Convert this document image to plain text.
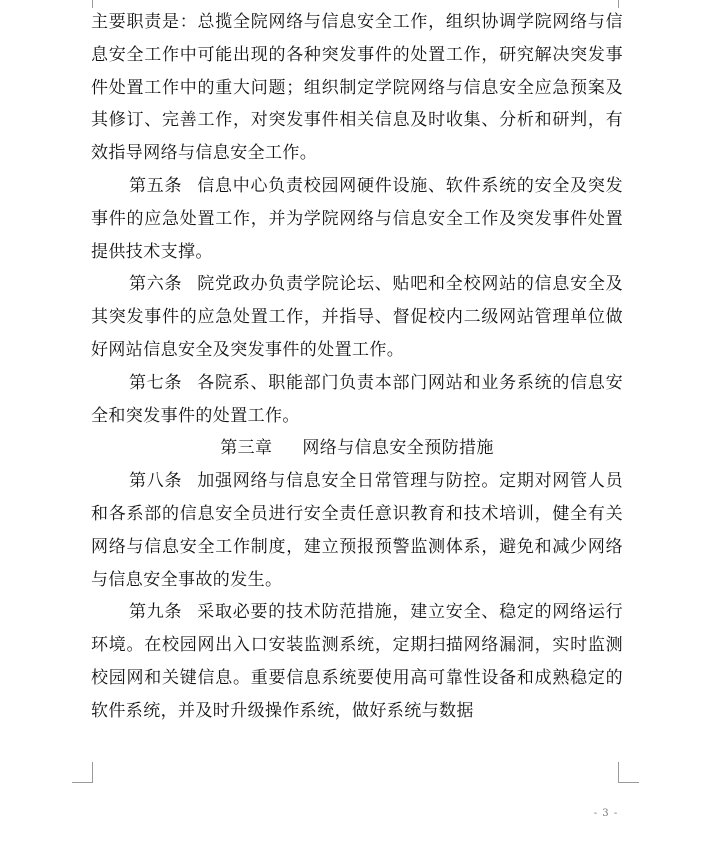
主要职责是：总揽全院网络与信息安全工作，组织协调学院网络与信息安全工作中可能出现的各种突发事件的处置工作，研究解决突发事件处置工作中的重大问题；组织制定学院网络与信息安全应急预案及其修订、完善工作，对突发事件相关信息及时收集、分析和研判，有效指导网络与信息安全工作。

第五条 信息中心负责校园网硬件设施、软件系统的安全及突发事件的应急处置工作，并为学院网络与信息安全工作及突发事件处置提供技术支撑。

第六条 院党政办负责学院论坛、贴吧和全校网站的信息安全及其突发事件的应急处置工作，并指导、督促校内二级网站管理单位做好网站信息安全及突发事件的处置工作。

第七条 各院系、职能部门负责本部门网站和业务系统的信息安全和突发事件的处置工作。

第三章 网络与信息安全预防措施

第八条 加强网络与信息安全日常管理与防控。定期对网管人员和各系部的信息安全员进行安全责任意识教育和技术培训，健全有关网络与信息安全工作制度，建立预报预警监测体系，避免和减少网络与信息安全事故的发生。

第九条 采取必要的技术防范措施，建立安全、稳定的网络运行环境。在校园网出入口安装监测系统，定期扫描网络漏洞，实时监测校园网和关键信息。重要信息系统要使用高可靠性设备和成熟稳定的软件系统，并及时升级操作系统，做好系统与数据

- 3 -
